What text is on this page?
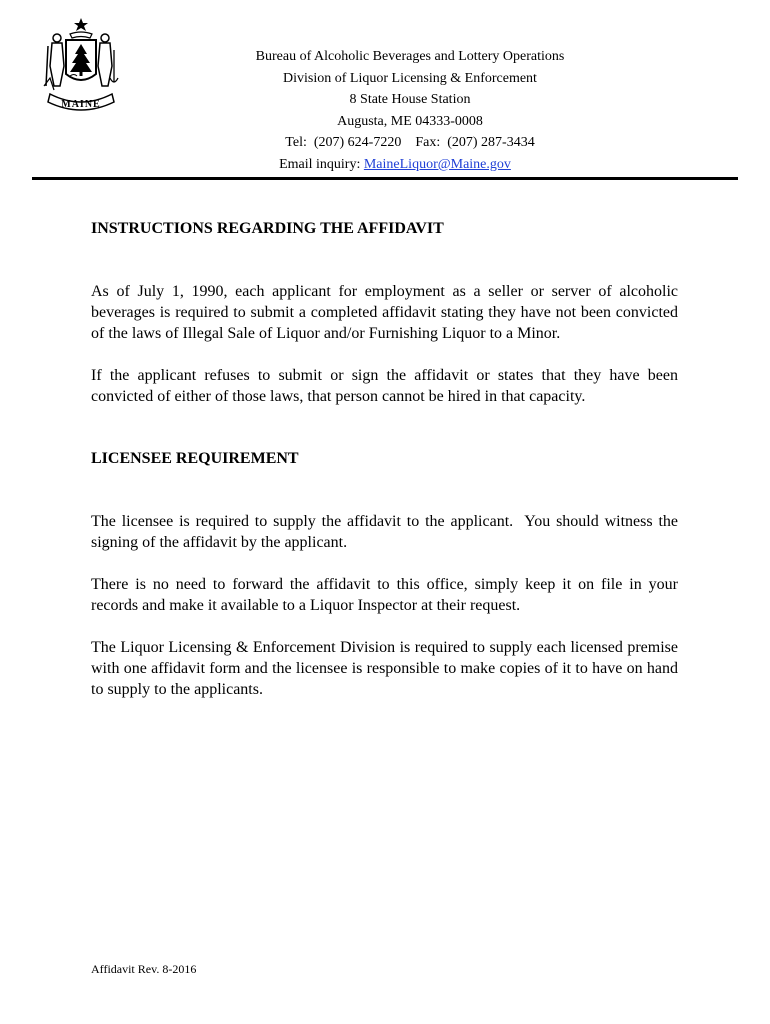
MAINE
Bureau of Alcoholic Beverages and Lottery Operations
Division of Liquor Licensing & Enforcement
8 State House Station
Augusta, ME 04333-0008
Tel:  (207) 624-7220    Fax:  (207) 287-3434
Email inquiry: MaineLiquor@Maine.gov
INSTRUCTIONS REGARDING THE AFFIDAVIT

As of July 1, 1990, each applicant for employment as a seller or server of alcoholic beverages is required to submit a completed affidavit stating they have not been convicted of the laws of Illegal Sale of Liquor and/or Furnishing Liquor to a Minor.

If the applicant refuses to submit or sign the affidavit or states that they have been convicted of either of those laws, that person cannot be hired in that capacity.

LICENSEE REQUIREMENT

The licensee is required to supply the affidavit to the applicant.  You should witness the signing of the affidavit by the applicant.

There is no need to forward the affidavit to this office, simply keep it on file in your records and make it available to a Liquor Inspector at their request.

The Liquor Licensing & Enforcement Division is required to supply each licensed premise with one affidavit form and the licensee is responsible to make copies of it to have on hand to supply to the applicants.

Affidavit Rev. 8-2016
